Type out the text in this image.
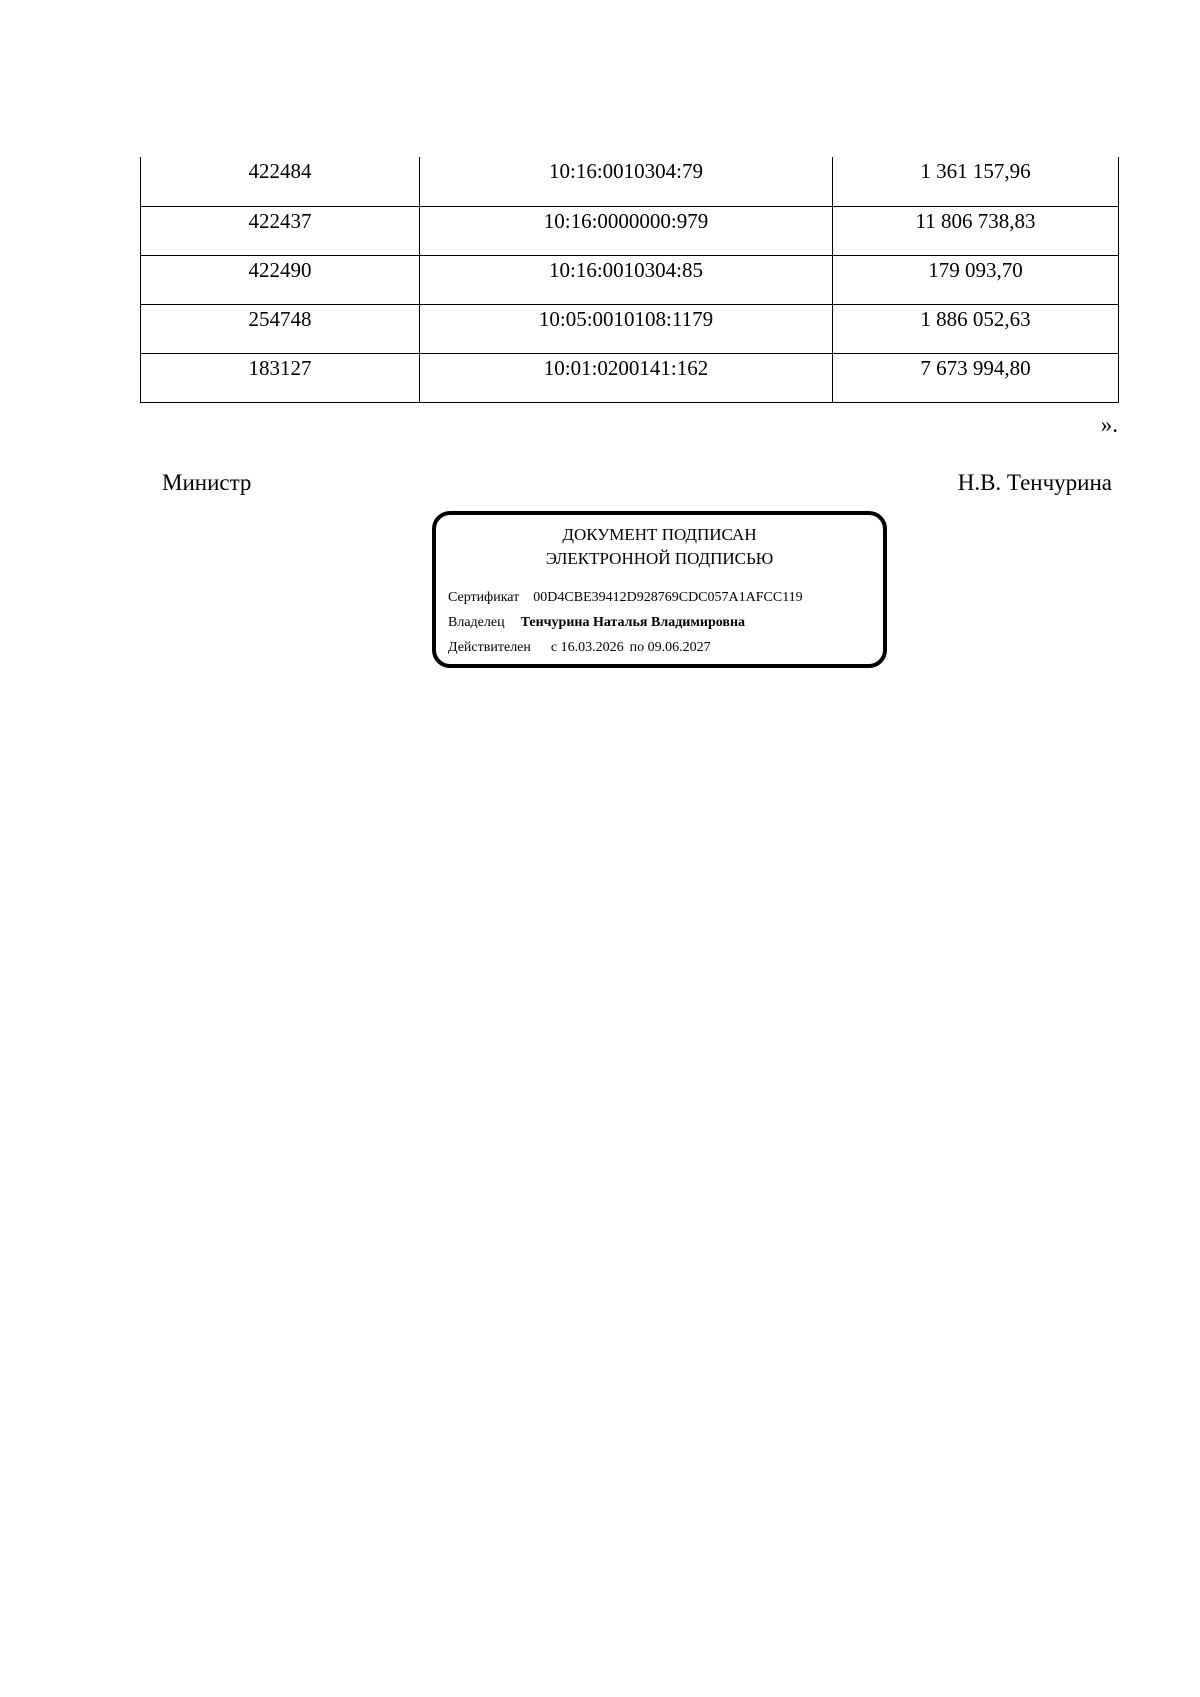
422484	10:16:0010304:79	1 361 157,96
422437	10:16:0000000:979	11 806 738,83
422490	10:16:0010304:85	179 093,70
254748	10:05:0010108:1179	1 886 052,63
183127	10:01:0200141:162	7 673 994,80
».
Министр	Н.В. Тенчурина
ДОКУМЕНТ ПОДПИСАН
ЭЛЕКТРОННОЙ ПОДПИСЬЮ
Сертификат 00D4CBE39412D928769CDC057A1AFCC119
Владелец Тенчурина Наталья Владимировна
Действителен с 16.03.2026 по 09.06.2027
